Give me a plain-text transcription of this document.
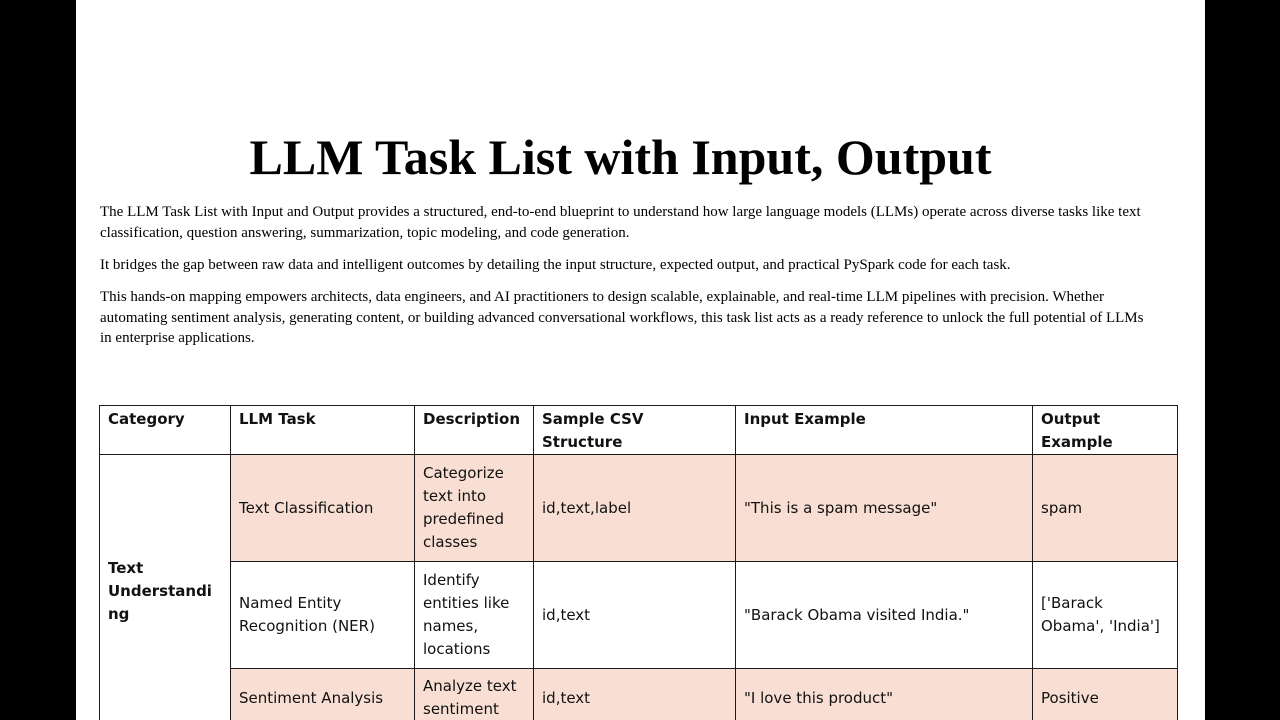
LLM Task List with Input, Output

The LLM Task List with Input and Output provides a structured, end-to-end blueprint to understand how large language models (LLMs) operate across diverse tasks like text classification, question answering, summarization, topic modeling, and code generation.

It bridges the gap between raw data and intelligent outcomes by detailing the input structure, expected output, and practical PySpark code for each task.

This hands-on mapping empowers architects, data engineers, and AI practitioners to design scalable, explainable, and real-time LLM pipelines with precision. Whether automating sentiment analysis, generating content, or building advanced conversational workflows, this task list acts as a ready reference to unlock the full potential of LLMs in enterprise applications.

Category	LLM Task	Description	Sample CSV Structure	Input Example	Output Example
Text Understanding	Text Classification	Categorize text into predefined classes	id,text,label	"This is a spam message"	spam
	Named Entity Recognition (NER)	Identify entities like names, locations	id,text	"Barack Obama visited India."	['Barack Obama', 'India']
	Sentiment Analysis	Analyze text sentiment	id,text	"I love this product"	Positive
